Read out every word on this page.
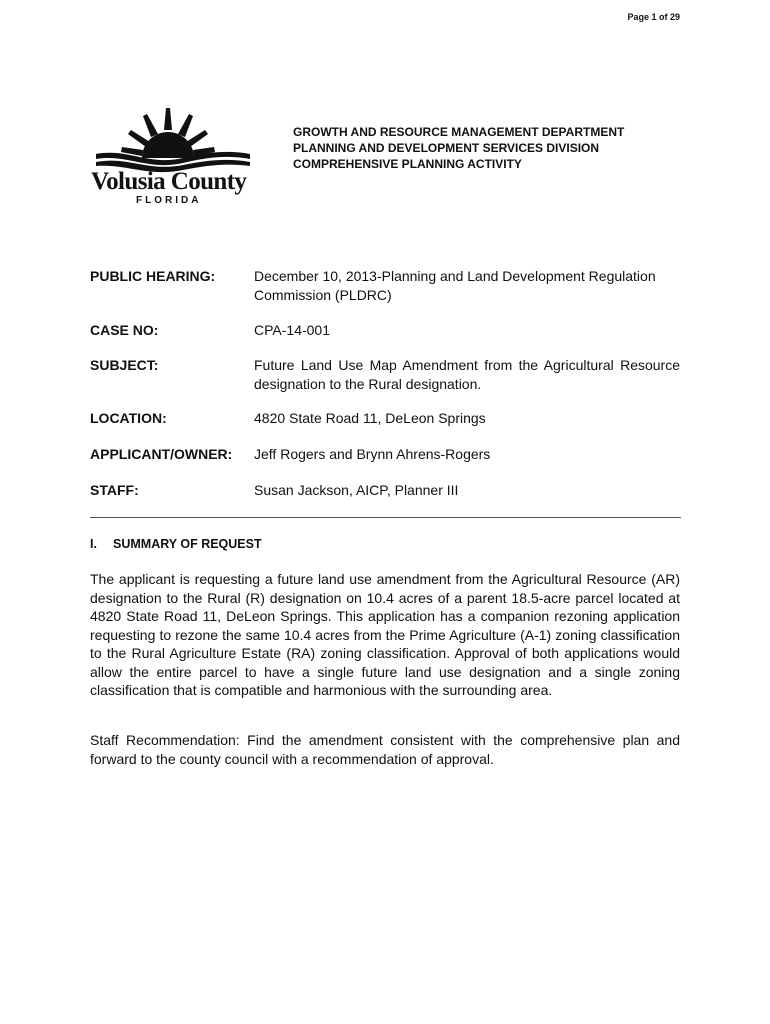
Page 1 of 29
Volusia County
FLORIDA
GROWTH AND RESOURCE MANAGEMENT DEPARTMENT
PLANNING AND DEVELOPMENT SERVICES DIVISION
COMPREHENSIVE PLANNING ACTIVITY
PUBLIC HEARING:	December 10, 2013-Planning and Land Development Regulation Commission (PLDRC)
CASE NO:	CPA-14-001
SUBJECT:	Future Land Use Map Amendment from the Agricultural Resource designation to the Rural designation.
LOCATION:	4820 State Road 11, DeLeon Springs
APPLICANT/OWNER: Jeff Rogers and Brynn Ahrens-Rogers
STAFF:	Susan Jackson, AICP, Planner III
I. SUMMARY OF REQUEST
The applicant is requesting a future land use amendment from the Agricultural Resource (AR) designation to the Rural (R) designation on 10.4 acres of a parent 18.5-acre parcel located at 4820 State Road 11, DeLeon Springs. This application has a companion rezoning application requesting to rezone the same 10.4 acres from the Prime Agriculture (A-1) zoning classification to the Rural Agriculture Estate (RA) zoning classification. Approval of both applications would allow the entire parcel to have a single future land use designation and a single zoning classification that is compatible and harmonious with the surrounding area.
Staff Recommendation: Find the amendment consistent with the comprehensive plan and forward to the county council with a recommendation of approval.
